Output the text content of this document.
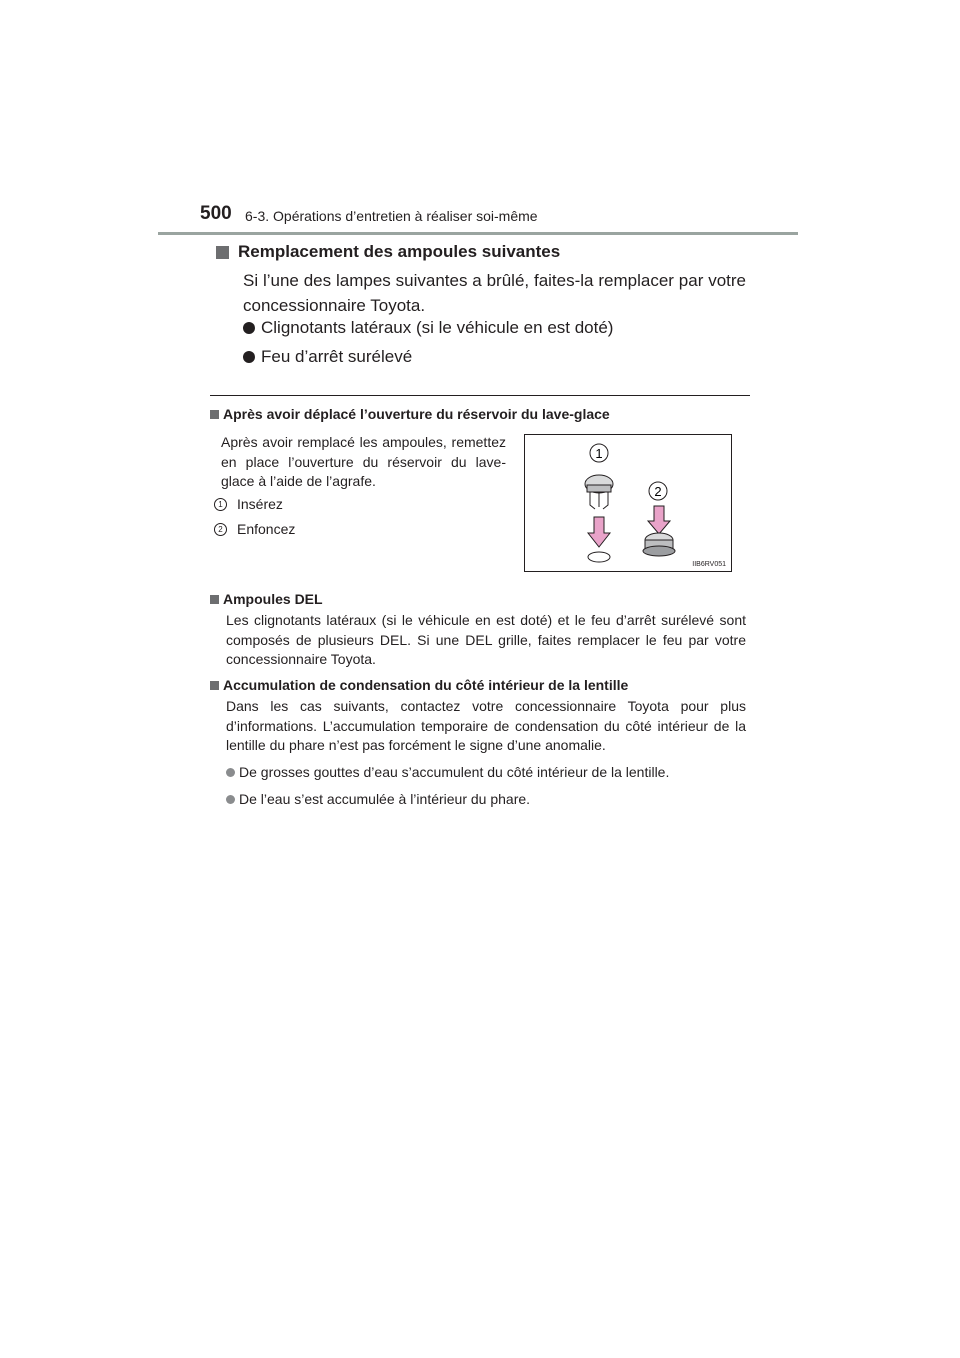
500 6-3. Opérations d’entretien à réaliser soi-même
Remplacement des ampoules suivantes
Si l’une des lampes suivantes a brûlé, faites-la remplacer par votre concessionnaire Toyota.
Clignotants latéraux (si le véhicule en est doté)
Feu d’arrêt surélevé
Après avoir déplacé l’ouverture du réservoir du lave-glace
Après avoir remplacé les ampoules, remettez en place l’ouverture du réservoir du lave-glace à l’aide de l’agrafe.
1	Insérez
2	Enfoncez
1
2
IIB6RV051
Ampoules DEL
Les clignotants latéraux (si le véhicule en est doté) et le feu d’arrêt surélevé sont composés de plusieurs DEL. Si une DEL grille, faites remplacer le feu par votre concessionnaire Toyota.
Accumulation de condensation du côté intérieur de la lentille
Dans les cas suivants, contactez votre concessionnaire Toyota pour plus d’informations. L’accumulation temporaire de condensation du côté intérieur de la lentille du phare n’est pas forcément le signe d’une anomalie.
De grosses gouttes d’eau s’accumulent du côté intérieur de la lentille.
De l’eau s’est accumulée à l’intérieur du phare.
